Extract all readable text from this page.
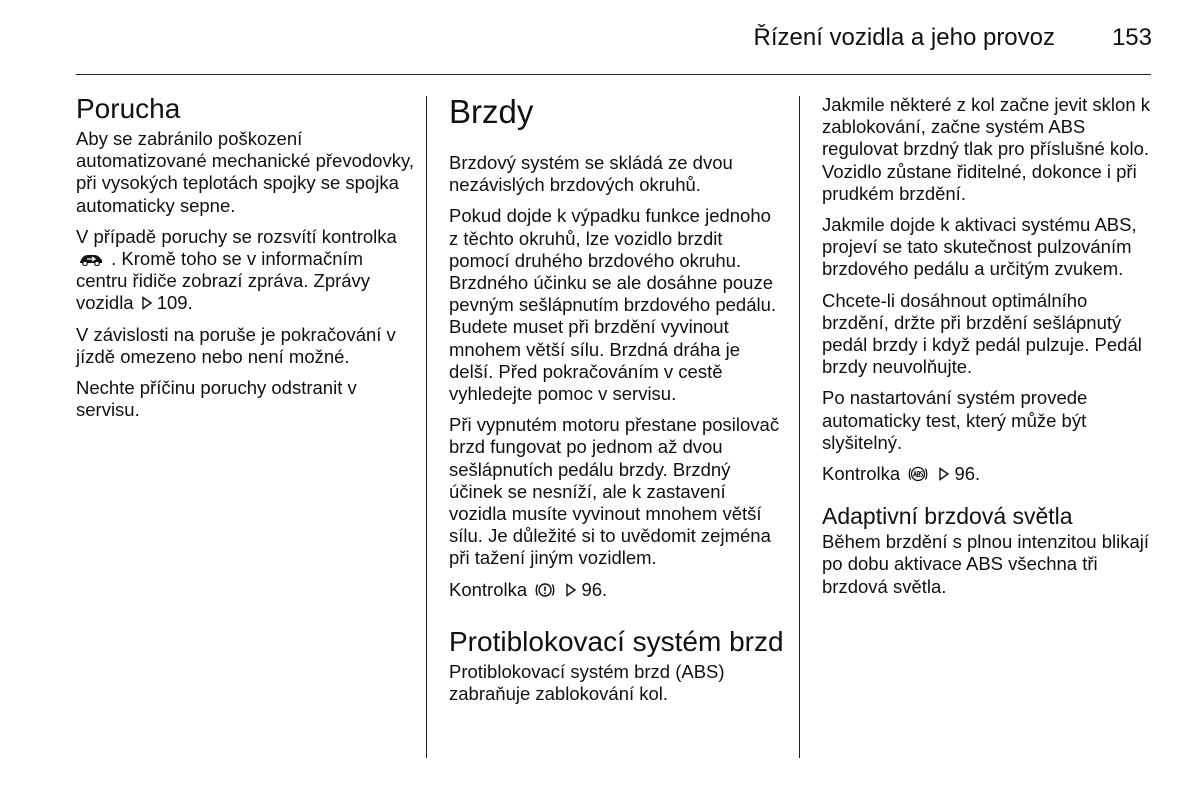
Řízení vozidla a jeho provoz 153
Porucha

Aby se zabránilo poškození automatizované mechanické převodovky, při vysokých teplotách spojky se spojka automaticky sepne.

V případě poruchy se rozsvítí kontrolka  . Kromě toho se v informačním centru řidiče zobrazí zpráva. Zprávy vozidla 109.

V závislosti na poruše je pokračování v jízdě omezeno nebo není možné.

Nechte příčinu poruchy odstranit v servisu.

Brzdy

Brzdový systém se skládá ze dvou nezávislých brzdových okruhů.

Pokud dojde k výpadku funkce jednoho z těchto okruhů, lze vozidlo brzdit pomocí druhého brzdového okruhu. Brzdného účinku se ale dosáhne pouze pevným sešlápnutím brzdového pedálu. Budete muset při brzdění vyvinout mnohem větší sílu. Brzdná dráha je delší. Před pokračováním v cestě vyhledejte pomoc v servisu.

Při vypnutém motoru přestane posilovač brzd fungovat po jednom až dvou sešlápnutích pedálu brzdy. Brzdný účinek se nesníží, ale k zastavení vozidla musíte vyvinout mnohem větší sílu. Je důležité si to uvědomit zejména při tažení jiným vozidlem.

Kontrolka	96.

Protiblokovací systém brzd

Protiblokovací systém brzd (ABS) zabraňuje zablokování kol.

Jakmile některé z kol začne jevit sklon k zablokování, začne systém ABS regulovat brzdný tlak pro příslušné kolo. Vozidlo zůstane řiditelné, dokonce i při prudkém brzdění.

Jakmile dojde k aktivaci systému ABS, projeví se tato skutečnost pulzováním brzdového pedálu a určitým zvukem.

Chcete-li dosáhnout optimálního brzdění, držte při brzdění sešlápnutý pedál brzdy i když pedál pulzuje. Pedál brzdy neuvolňujte.

Po nastartování systém provede automaticky test, který může být slyšitelný.

Kontrolka	96.

Adaptivní brzdová světla

Během brzdění s plnou intenzitou blikají po dobu aktivace ABS všechna tři brzdová světla.
